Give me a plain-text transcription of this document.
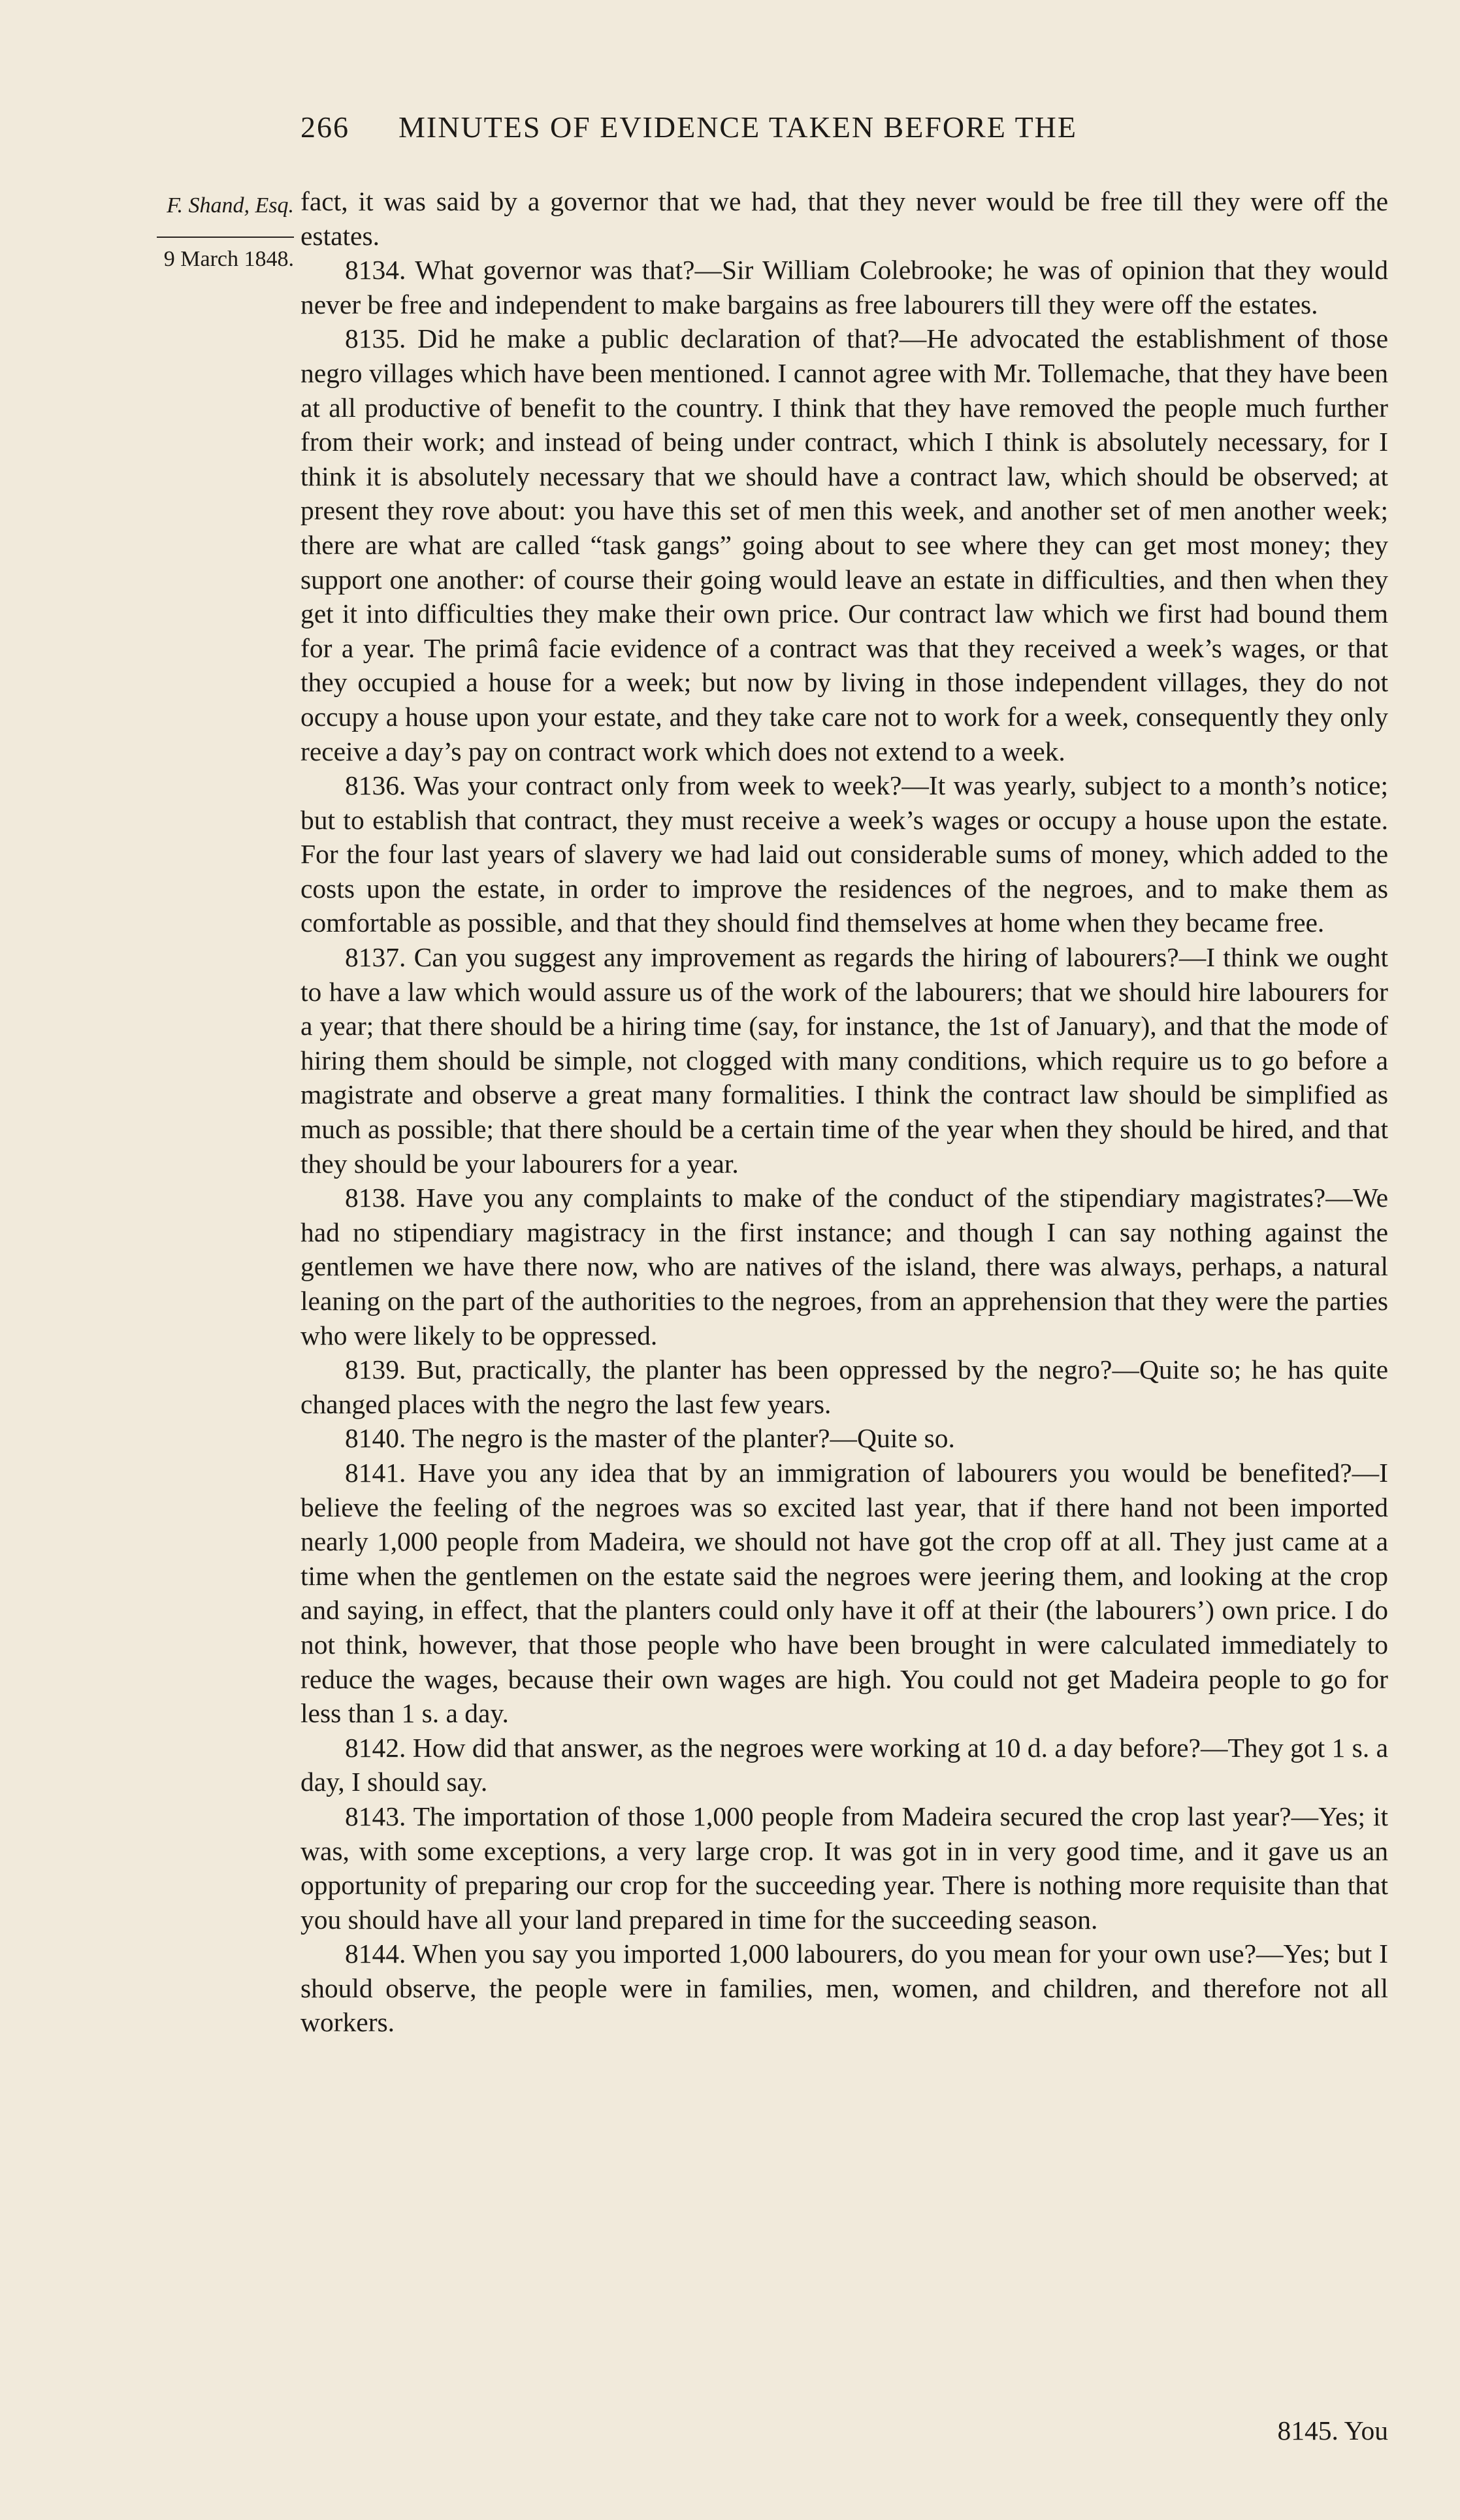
266 MINUTES OF EVIDENCE TAKEN BEFORE THE
F. Shand, Esq.
9 March 1848.

fact, it was said by a governor that we had, that they never would be free till they were off the estates.

8134. What governor was that?—Sir William Colebrooke; he was of opinion that they would never be free and independent to make bargains as free labourers till they were off the estates.

8135. Did he make a public declaration of that?—He advocated the establishment of those negro villages which have been mentioned. I cannot agree with Mr. Tollemache, that they have been at all productive of benefit to the country. I think that they have removed the people much further from their work; and instead of being under contract, which I think is absolutely necessary, for I think it is absolutely necessary that we should have a contract law, which should be observed; at present they rove about: you have this set of men this week, and another set of men another week; there are what are called “task gangs” going about to see where they can get most money; they support one another: of course their going would leave an estate in difficulties, and then when they get it into difficulties they make their own price. Our contract law which we first had bound them for a year. The primâ facie evidence of a contract was that they received a week’s wages, or that they occupied a house for a week; but now by living in those independent villages, they do not occupy a house upon your estate, and they take care not to work for a week, consequently they only receive a day’s pay on contract work which does not extend to a week.

8136. Was your contract only from week to week?—It was yearly, subject to a month’s notice; but to establish that contract, they must receive a week’s wages or occupy a house upon the estate. For the four last years of slavery we had laid out considerable sums of money, which added to the costs upon the estate, in order to improve the residences of the negroes, and to make them as comfortable as possible, and that they should find themselves at home when they became free.

8137. Can you suggest any improvement as regards the hiring of labourers?—I think we ought to have a law which would assure us of the work of the labourers; that we should hire labourers for a year; that there should be a hiring time (say, for instance, the 1st of January), and that the mode of hiring them should be simple, not clogged with many conditions, which require us to go before a magistrate and observe a great many formalities. I think the contract law should be simplified as much as possible; that there should be a certain time of the year when they should be hired, and that they should be your labourers for a year.

8138. Have you any complaints to make of the conduct of the stipendiary magistrates?—We had no stipendiary magistracy in the first instance; and though I can say nothing against the gentlemen we have there now, who are natives of the island, there was always, perhaps, a natural leaning on the part of the authorities to the negroes, from an apprehension that they were the parties who were likely to be oppressed.

8139. But, practically, the planter has been oppressed by the negro?—Quite so; he has quite changed places with the negro the last few years.

8140. The negro is the master of the planter?—Quite so.

8141. Have you any idea that by an immigration of labourers you would be benefited?—I believe the feeling of the negroes was so excited last year, that if there hand not been imported nearly 1,000 people from Madeira, we should not have got the crop off at all. They just came at a time when the gentlemen on the estate said the negroes were jeering them, and looking at the crop and saying, in effect, that the planters could only have it off at their (the labourers’) own price. I do not think, however, that those people who have been brought in were calculated immediately to reduce the wages, because their own wages are high. You could not get Madeira people to go for less than 1 s. a day.

8142. How did that answer, as the negroes were working at 10 d. a day before?—They got 1 s. a day, I should say.

8143. The importation of those 1,000 people from Madeira secured the crop last year?—Yes; it was, with some exceptions, a very large crop. It was got in in very good time, and it gave us an opportunity of preparing our crop for the succeeding year. There is nothing more requisite than that you should have all your land prepared in time for the succeeding season.

8144. When you say you imported 1,000 labourers, do you mean for your own use?—Yes; but I should observe, the people were in families, men, women, and children, and therefore not all workers.

8145. You
